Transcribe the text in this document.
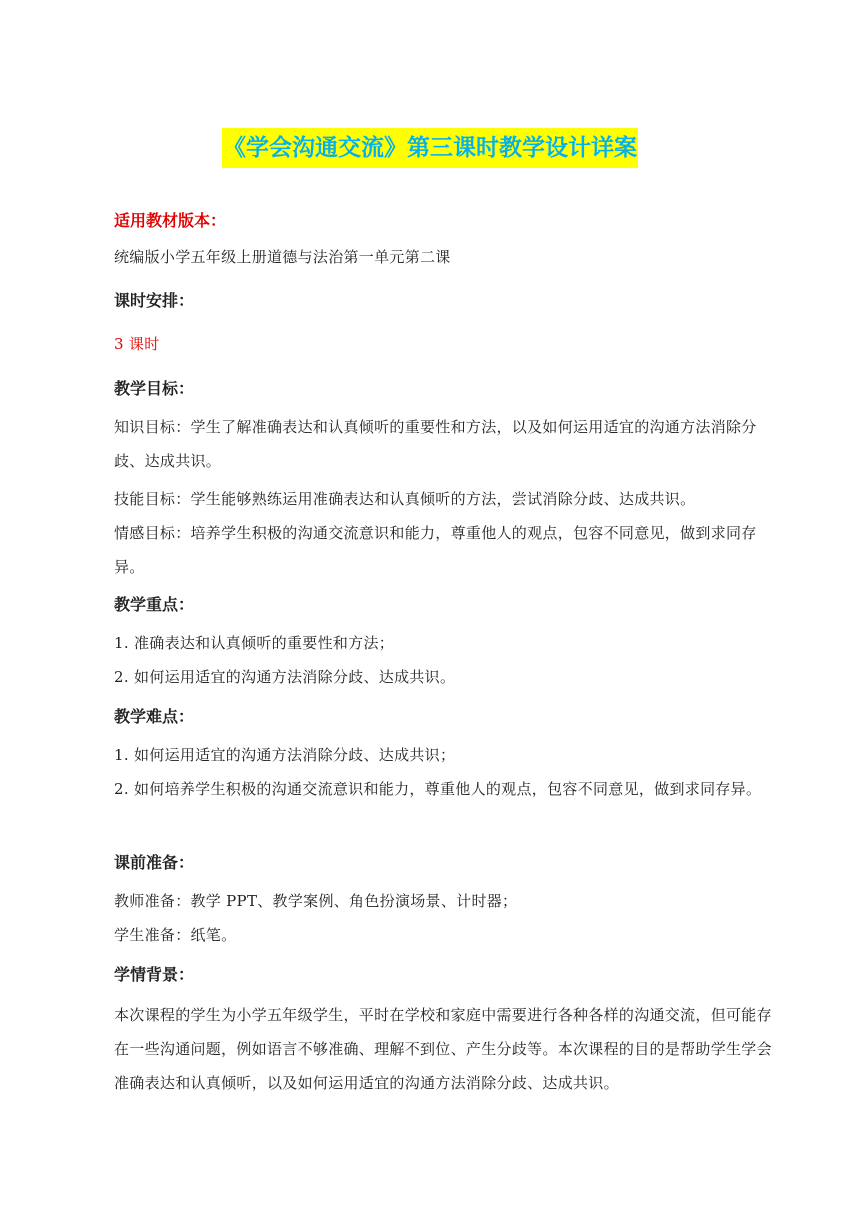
《学会沟通交流》第三课时教学设计详案

适用教材版本：

统编版小学五年级上册道德与法治第一单元第二课

课时安排：

3 课时

教学目标：

知识目标：学生了解准确表达和认真倾听的重要性和方法，以及如何运用适宜的沟通方法消除分歧、达成共识。

技能目标：学生能够熟练运用准确表达和认真倾听的方法，尝试消除分歧、达成共识。

情感目标：培养学生积极的沟通交流意识和能力，尊重他人的观点，包容不同意见，做到求同存异。

教学重点：

1. 准确表达和认真倾听的重要性和方法；

2. 如何运用适宜的沟通方法消除分歧、达成共识。

教学难点：

1. 如何运用适宜的沟通方法消除分歧、达成共识；

2. 如何培养学生积极的沟通交流意识和能力，尊重他人的观点，包容不同意见，做到求同存异。

课前准备：

教师准备：教学 PPT、教学案例、角色扮演场景、计时器；

学生准备：纸笔。

学情背景：

本次课程的学生为小学五年级学生，平时在学校和家庭中需要进行各种各样的沟通交流，但可能存在一些沟通问题，例如语言不够准确、理解不到位、产生分歧等。本次课程的目的是帮助学生学会准确表达和认真倾听，以及如何运用适宜的沟通方法消除分歧、达成共识。
